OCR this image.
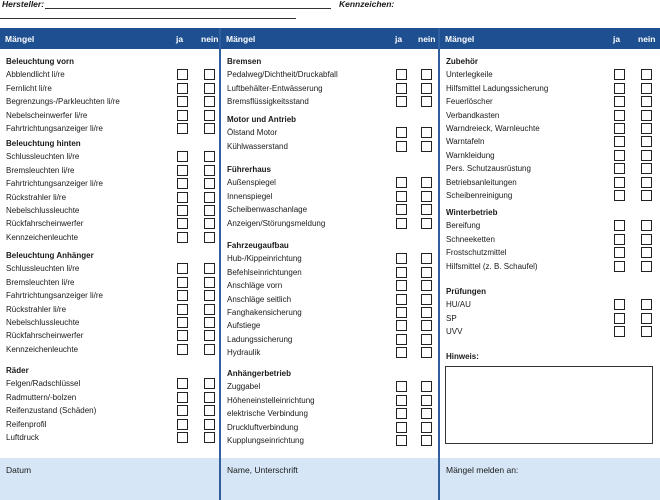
Hersteller:	Kennzeichen:
Mängel	ja nein
Beleuchtung vorn
Abblendlicht li/re
Fernlicht li/re
Begrenzungs-/Parkleuchten li/re
Nebelscheinwerfer li/re
Fahrtrichtungsanzeiger li/re
Beleuchtung hinten
Schlussleuchten li/re
Bremsleuchten li/re
Fahrtrichtungsanzeiger li/re
Rückstrahler li/re
Nebelschlussleuchte
Rückfahrscheinwerfer
Kennzeichenleuchte
Beleuchtung Anhänger
Schlussleuchten li/re
Bremsleuchten li/re
Fahrtrichtungsanzeiger li/re
Rückstrahler li/re
Nebelschlussleuchte
Rückfahrscheinwerfer
Kennzeichenleuchte
Räder
Felgen/Radschlüssel
Radmuttern/-bolzen
Reifenzustand (Schäden)
Reifenprofil
Luftdruck
Datum
Mängel	ja nein
Bremsen
Pedalweg/Dichtheit/Druckabfall
Luftbehälter-Entwässerung
Bremsflüssigkeitsstand
Motor und Antrieb
Ölstand Motor
Kühlwasserstand
Führerhaus
Außenspiegel
Innenspiegel
Scheibenwaschanlage
Anzeigen/Störungsmeldung
Fahrzeugaufbau
Hub-/Kippeinrichtung
Befehlseinrichtungen
Anschläge vorn
Anschläge seitlich
Fanghakensicherung
Aufstiege
Ladungssicherung
Hydraulik
Anhängerbetrieb
Zuggabel
Höheneinstelleinrichtung
elektrische Verbindung
Druckluftverbindung
Kupplungseinrichtung
Name, Unterschrift
Mängel	ja nein
Zubehör
Unterlegkeile
Hilfsmittel Ladungssicherung
Feuerlöscher
Verbandkasten
Warndreieck, Warnleuchte
Warntafeln
Warnkleidung
Pers. Schutzausrüstung
Betriebsanleitungen
Scheibenreinigung
Winterbetrieb
Bereifung
Schneeketten
Frostschutzmittel
Hilfsmittel (z. B. Schaufel)
Prüfungen
HU/AU
SP
UVV
Hinweis:
Mängel melden an:
